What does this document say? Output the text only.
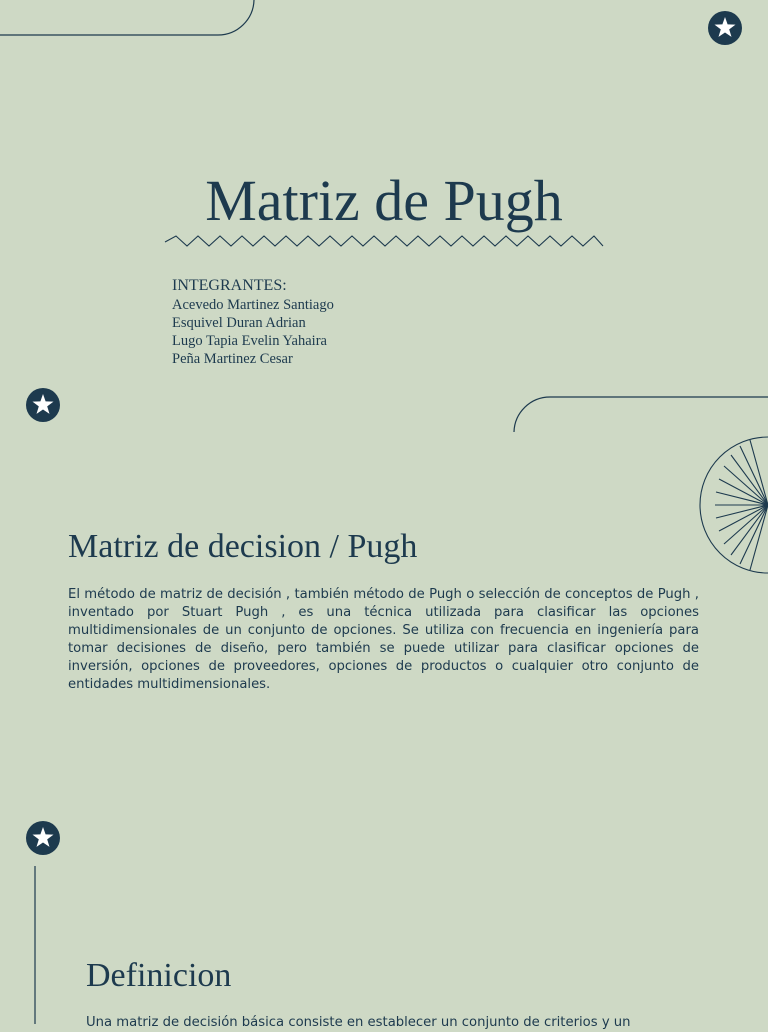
Matriz de Pugh
INTEGRANTES:
Acevedo Martinez Santiago
Esquivel Duran Adrian
Lugo Tapia Evelin Yahaira
Peña Martinez Cesar
Matriz de decision / Pugh

El método de matriz de decisión , también método de Pugh o selección de conceptos de Pugh , inventado por Stuart Pugh , es una técnica utilizada para clasificar las opciones multidimensionales de un conjunto de opciones. Se utiliza con frecuencia en ingeniería para tomar decisiones de diseño, pero también se puede utilizar para clasificar opciones de inversión, opciones de proveedores, opciones de productos o cualquier otro conjunto de entidades multidimensionales.

Definicion

Una matriz de decisión básica consiste en establecer un conjunto de criterios y un
